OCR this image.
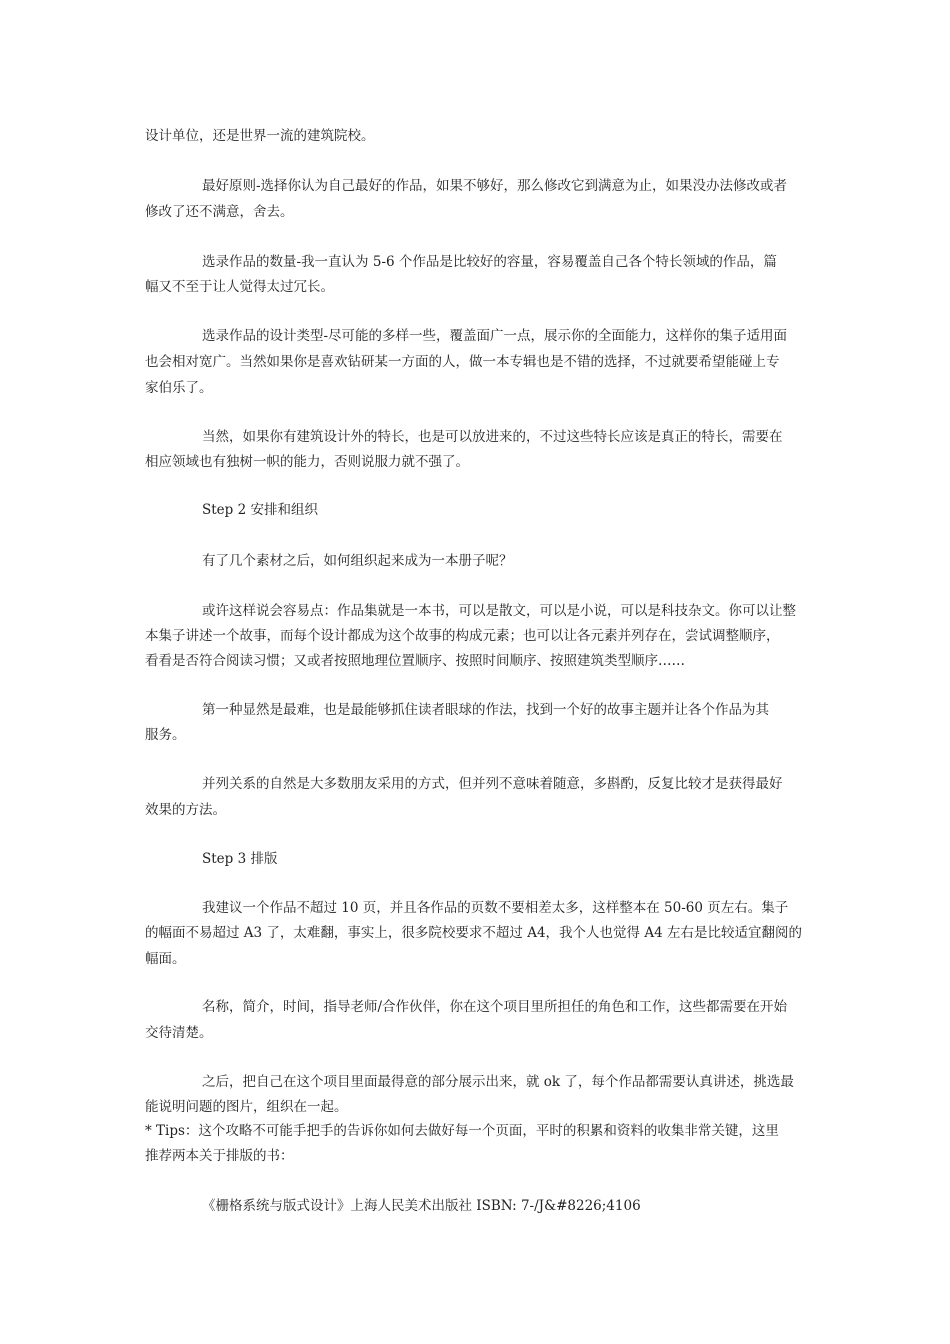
设计单位，还是世界一流的建筑院校。
最好原则-选择你认为自己最好的作品，如果不够好，那么修改它到满意为止，如果没办法修改或者
修改了还不满意，舍去。
选录作品的数量-我一直认为 5-6 个作品是比较好的容量，容易覆盖自己各个特长领域的作品，篇
幅又不至于让人觉得太过冗长。
选录作品的设计类型-尽可能的多样一些，覆盖面广一点，展示你的全面能力，这样你的集子适用面
也会相对宽广。当然如果你是喜欢钻研某一方面的人，做一本专辑也是不错的选择，不过就要希望能碰上专
家伯乐了。
当然，如果你有建筑设计外的特长，也是可以放进来的，不过这些特长应该是真正的特长，需要在
相应领域也有独树一帜的能力，否则说服力就不强了。
Step 2 安排和组织
有了几个素材之后，如何组织起来成为一本册子呢？
或许这样说会容易点：作品集就是一本书，可以是散文，可以是小说，可以是科技杂文。你可以让整
本集子讲述一个故事，而每个设计都成为这个故事的构成元素；也可以让各元素并列存在，尝试调整顺序，
看看是否符合阅读习惯；又或者按照地理位置顺序、按照时间顺序、按照建筑类型顺序……
第一种显然是最难，也是最能够抓住读者眼球的作法，找到一个好的故事主题并让各个作品为其
服务。
并列关系的自然是大多数朋友采用的方式，但并列不意味着随意，多斟酌，反复比较才是获得最好
效果的方法。
Step 3 排版
我建议一个作品不超过 10 页，并且各作品的页数不要相差太多，这样整本在 50-60 页左右。集子
的幅面不易超过 A3 了，太难翻，事实上，很多院校要求不超过 A4，我个人也觉得 A4 左右是比较适宜翻阅的
幅面。
名称，简介，时间，指导老师/合作伙伴，你在这个项目里所担任的角色和工作，这些都需要在开始
交待清楚。
之后，把自己在这个项目里面最得意的部分展示出来，就 ok 了，每个作品都需要认真讲述，挑选最
能说明问题的图片，组织在一起。
* Tips：这个攻略不可能手把手的告诉你如何去做好每一个页面，平时的积累和资料的收集非常关键，这里
推荐两本关于排版的书：
《栅格系统与版式设计》上海人民美术出版社 ISBN: 7-/J&#8226;4106
